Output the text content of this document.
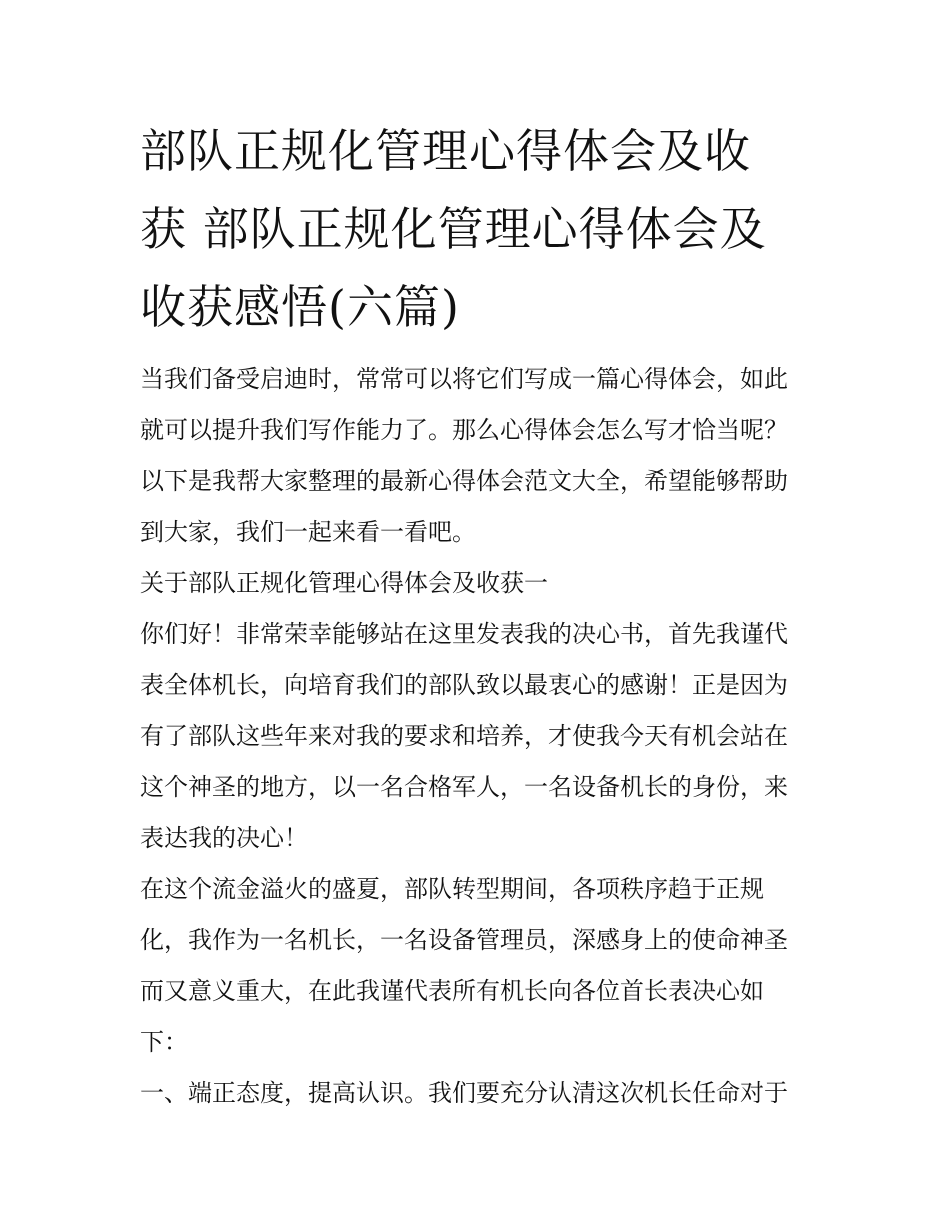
部队正规化管理心得体会及收
获 部队正规化管理心得体会及
收获感悟(六篇)
当我们备受启迪时，常常可以将它们写成一篇心得体会，如此
就可以提升我们写作能力了。那么心得体会怎么写才恰当呢？
以下是我帮大家整理的最新心得体会范文大全，希望能够帮助
到大家，我们一起来看一看吧。
关于部队正规化管理心得体会及收获一
你们好！非常荣幸能够站在这里发表我的决心书，首先我谨代
表全体机长，向培育我们的部队致以最衷心的感谢！正是因为
有了部队这些年来对我的要求和培养，才使我今天有机会站在
这个神圣的地方，以一名合格军人，一名设备机长的身份，来
表达我的决心！
在这个流金溢火的盛夏，部队转型期间，各项秩序趋于正规
化，我作为一名机长，一名设备管理员，深感身上的使命神圣
而又意义重大，在此我谨代表所有机长向各位首长表决心如
下：
一、端正态度，提高认识。我们要充分认清这次机长任命对于
